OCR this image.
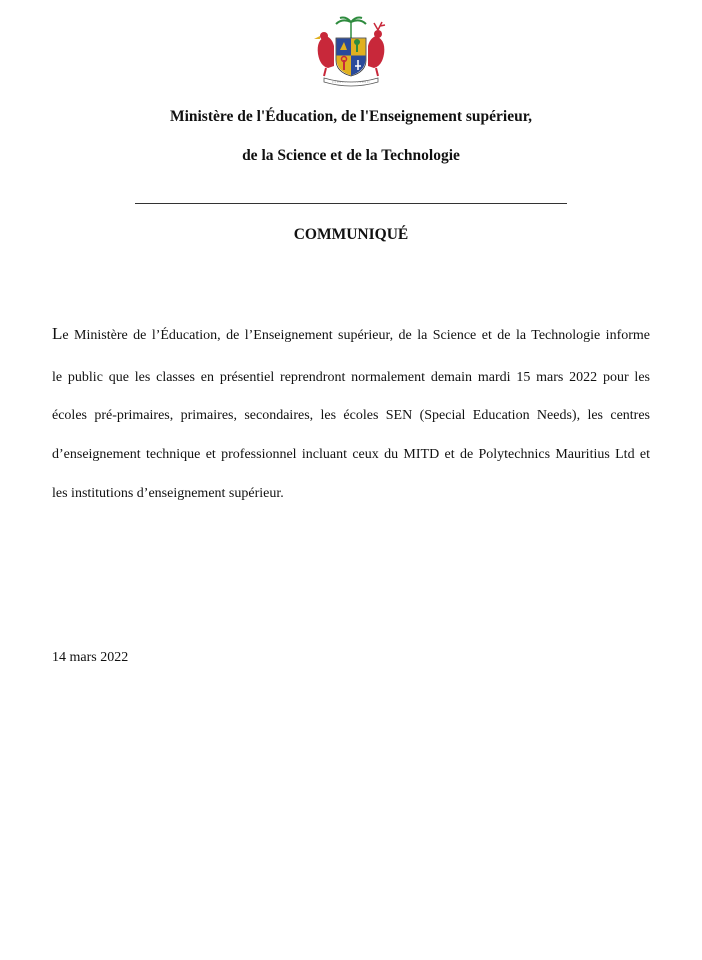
Ministère de l'Éducation, de l'Enseignement supérieur,
de la Science et de la Technologie
COMMUNIQUÉ
Le Ministère de l’Éducation, de l’Enseignement supérieur, de la Science et de la Technologie informe
le public que les classes en présentiel reprendront normalement demain mardi 15 mars 2022 pour les
écoles pré-primaires, primaires, secondaires, les écoles SEN (Special Education Needs), les centres
d’enseignement technique et professionnel incluant ceux du MITD et de Polytechnics Mauritius Ltd et
les institutions d’enseignement supérieur.
14 mars 2022
